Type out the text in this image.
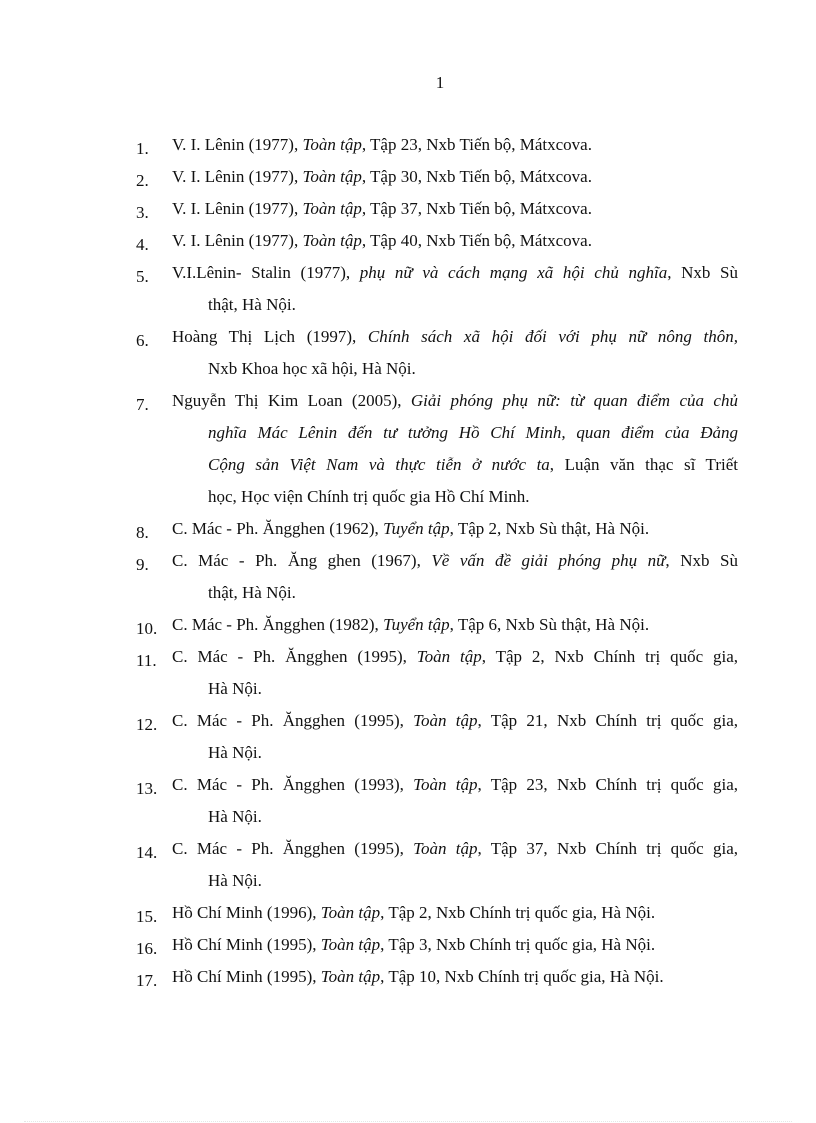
1
1.	V. I. Lênin (1977), Toàn tập, Tập 23, Nxb Tiến bộ, Mátxcova.
2.	V. I. Lênin (1977), Toàn tập, Tập 30, Nxb Tiến bộ, Mátxcova.
3.	V. I. Lênin (1977), Toàn tập, Tập 37, Nxb Tiến bộ, Mátxcova.
4.	V. I. Lênin (1977), Toàn tập, Tập 40, Nxb Tiến bộ, Mátxcova.
5.	V.I.Lênin- Stalin (1977), phụ nữ và cách mạng xã hội chủ nghĩa, Nxb Sù
thật, Hà Nội.
6.	Hoàng Thị Lịch (1997), Chính sách xã hội đối với phụ nữ nông thôn,
Nxb Khoa học xã hội, Hà Nội.
7.	Nguyễn Thị Kim Loan (2005), Giải phóng phụ nữ: từ quan điểm của chủ
nghĩa Mác Lênin đến tư tưởng Hồ Chí Minh, quan điểm của Đảng
Cộng sản Việt Nam và thực tiễn ở nước ta, Luận văn thạc sĩ Triết
học, Học viện Chính trị quốc gia Hồ Chí Minh.
8.	C. Mác - Ph. Ăngghen (1962), Tuyển tập, Tập 2, Nxb Sù thật, Hà Nội.
9.	C. Mác - Ph. Ăng ghen (1967), Về vấn đề giải phóng phụ nữ, Nxb Sù
thật, Hà Nội.
10. C. Mác - Ph. Ăngghen (1982), Tuyển tập, Tập 6, Nxb Sù thật, Hà Nội.
11. C. Mác - Ph. Ăngghen (1995), Toàn tập, Tập 2, Nxb Chính trị quốc gia,
Hà Nội.
12. C. Mác - Ph. Ăngghen (1995), Toàn tập, Tập 21, Nxb Chính trị quốc gia,
Hà Nội.
13. C. Mác - Ph. Ăngghen (1993), Toàn tập, Tập 23, Nxb Chính trị quốc gia,
Hà Nội.
14. C. Mác - Ph. Ăngghen (1995), Toàn tập, Tập 37, Nxb Chính trị quốc gia,
Hà Nội.
15. Hồ Chí Minh (1996), Toàn tập, Tập 2, Nxb Chính trị quốc gia, Hà Nội.
16. Hồ Chí Minh (1995), Toàn tập, Tập 3, Nxb Chính trị quốc gia, Hà Nội.
17. Hồ Chí Minh (1995), Toàn tập, Tập 10, Nxb Chính trị quốc gia, Hà Nội.
